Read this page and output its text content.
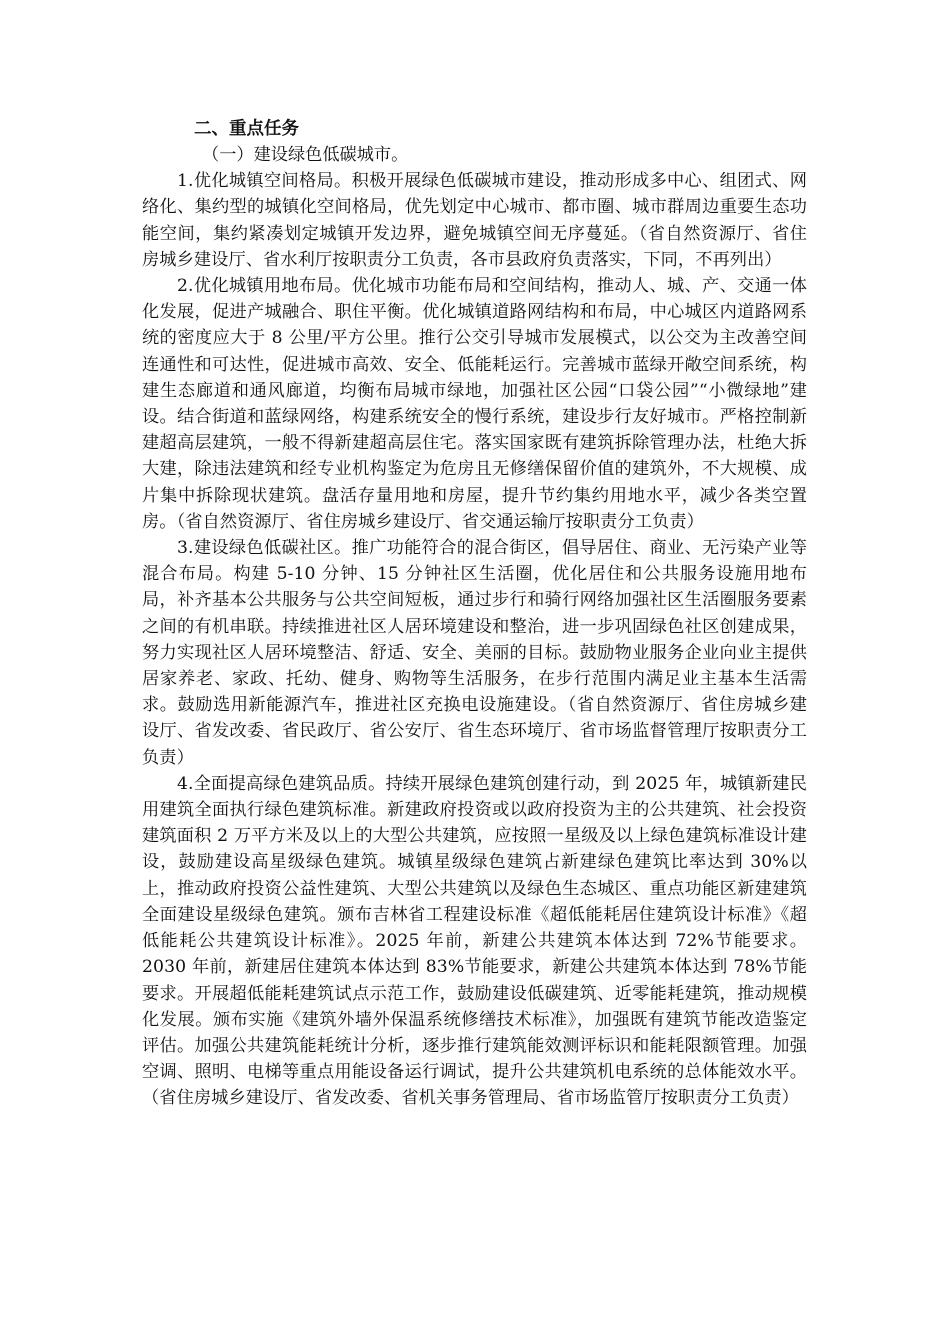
二、重点任务

（一）建设绿色低碳城市。

1.优化城镇空间格局。积极开展绿色低碳城市建设，推动形成多中心、组团式、网络化、集约型的城镇化空间格局，优先划定中心城市、都市圈、城市群周边重要生态功能空间，集约紧凑划定城镇开发边界，避免城镇空间无序蔓延。（省自然资源厅、省住房城乡建设厅、省水利厅按职责分工负责，各市县政府负责落实，下同，不再列出）

2.优化城镇用地布局。优化城市功能布局和空间结构，推动人、城、产、交通一体化发展，促进产城融合、职住平衡。优化城镇道路网结构和布局，中心城区内道路网系统的密度应大于 8 公里/平方公里。推行公交引导城市发展模式，以公交为主改善空间连通性和可达性，促进城市高效、安全、低能耗运行。完善城市蓝绿开敞空间系统，构建生态廊道和通风廊道，均衡布局城市绿地，加强社区公园“口袋公园”“小微绿地”建设。结合街道和蓝绿网络，构建系统安全的慢行系统，建设步行友好城市。严格控制新建超高层建筑，一般不得新建超高层住宅。落实国家既有建筑拆除管理办法，杜绝大拆大建，除违法建筑和经专业机构鉴定为危房且无修缮保留价值的建筑外，不大规模、成片集中拆除现状建筑。盘活存量用地和房屋，提升节约集约用地水平，减少各类空置房。（省自然资源厅、省住房城乡建设厅、省交通运输厅按职责分工负责）

3.建设绿色低碳社区。推广功能符合的混合街区，倡导居住、商业、无污染产业等混合布局。构建 5-10 分钟、15 分钟社区生活圈，优化居住和公共服务设施用地布局，补齐基本公共服务与公共空间短板，通过步行和骑行网络加强社区生活圈服务要素之间的有机串联。持续推进社区人居环境建设和整治，进一步巩固绿色社区创建成果，努力实现社区人居环境整洁、舒适、安全、美丽的目标。鼓励物业服务企业向业主提供居家养老、家政、托幼、健身、购物等生活服务，在步行范围内满足业主基本生活需求。鼓励选用新能源汽车，推进社区充换电设施建设。（省自然资源厅、省住房城乡建设厅、省发改委、省民政厅、省公安厅、省生态环境厅、省市场监督管理厅按职责分工负责）

4.全面提高绿色建筑品质。持续开展绿色建筑创建行动，到 2025 年，城镇新建民用建筑全面执行绿色建筑标准。新建政府投资或以政府投资为主的公共建筑、社会投资建筑面积 2 万平方米及以上的大型公共建筑，应按照一星级及以上绿色建筑标准设计建设，鼓励建设高星级绿色建筑。城镇星级绿色建筑占新建绿色建筑比率达到 30%以上，推动政府投资公益性建筑、大型公共建筑以及绿色生态城区、重点功能区新建建筑全面建设星级绿色建筑。颁布吉林省工程建设标准《超低能耗居住建筑设计标准》《超低能耗公共建筑设计标准》。2025 年前，新建公共建筑本体达到 72%节能要求。2030 年前，新建居住建筑本体达到 83%节能要求，新建公共建筑本体达到 78%节能要求。开展超低能耗建筑试点示范工作，鼓励建设低碳建筑、近零能耗建筑，推动规模化发展。颁布实施《建筑外墙外保温系统修缮技术标准》，加强既有建筑节能改造鉴定评估。加强公共建筑能耗统计分析，逐步推行建筑能效测评标识和能耗限额管理。加强空调、照明、电梯等重点用能设备运行调试，提升公共建筑机电系统的总体能效水平。（省住房城乡建设厅、省发改委、省机关事务管理局、省市场监管厅按职责分工负责）
